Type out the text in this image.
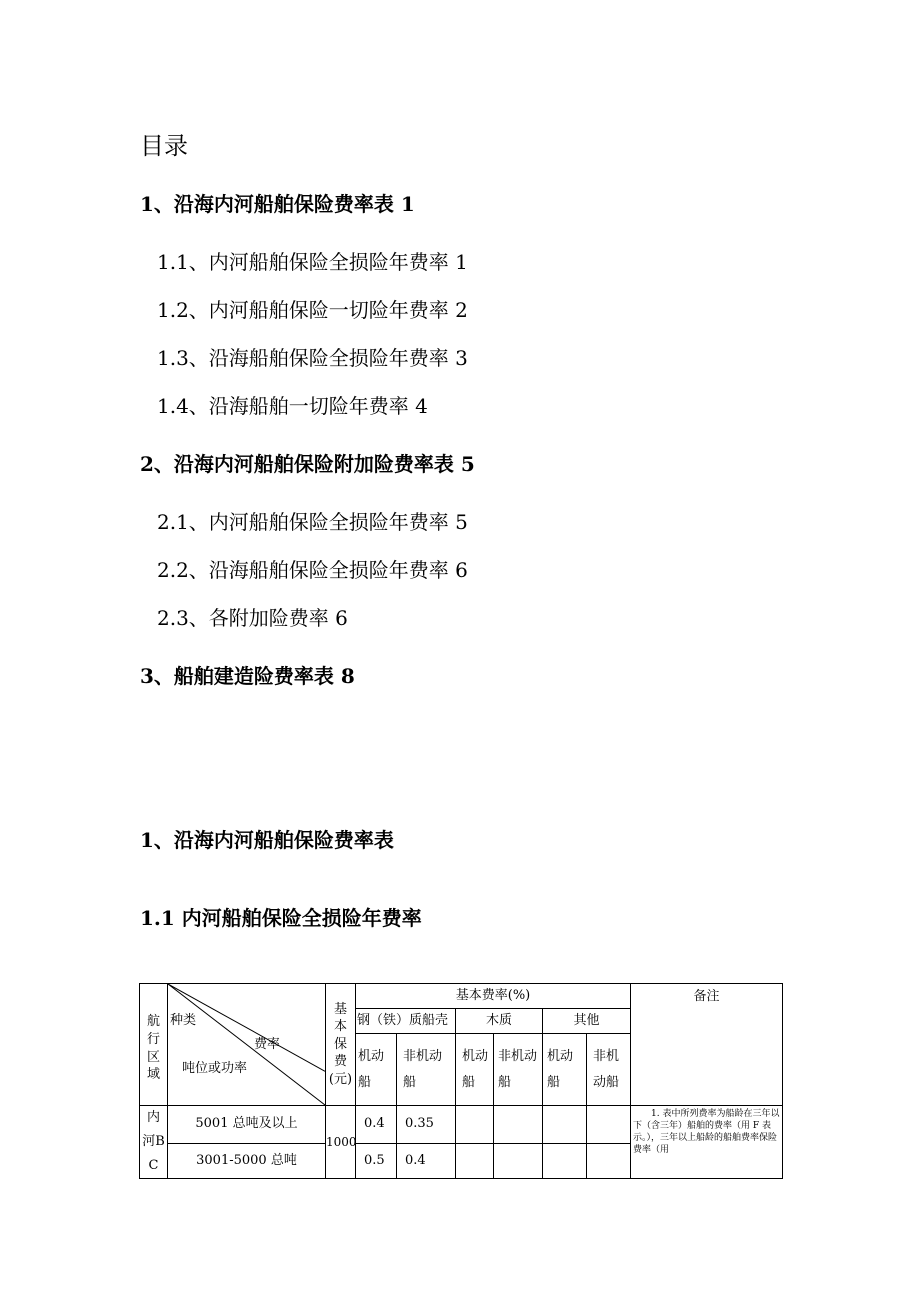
目录
1、沿海内河船舶保险费率表 1
1.1、内河船舶保险全损险年费率 1
1.2、内河船舶保险一切险年费率 2
1.3、沿海船舶保险全损险年费率 3
1.4、沿海船舶一切险年费率 4
2、沿海内河船舶保险附加险费率表 5
2.1、内河船舶保险全损险年费率 5
2.2、沿海船舶保险全损险年费率 6
2.3、各附加险费率 6
3、船舶建造险费率表 8
1、沿海内河船舶保险费率表
1.1 内河船舶保险全损险年费率
航行区域	种类
费率
吨位或功率	基本保费(元)	基本费率(%)						备注
			钢（铁）质船壳		木质		其他		
			机动船	非机动船	机动船	非机动船	机动船	非机动船	

内河BC	5001 总吨及以上	1000	0.4	0.35					1. 表中所列费率为船龄在三年以下（含三年）船舶的费率（用 F 表示。），三年以上船龄的船舶费率保险费率（用

	3001-5000 总吨		0.5	0.4					
